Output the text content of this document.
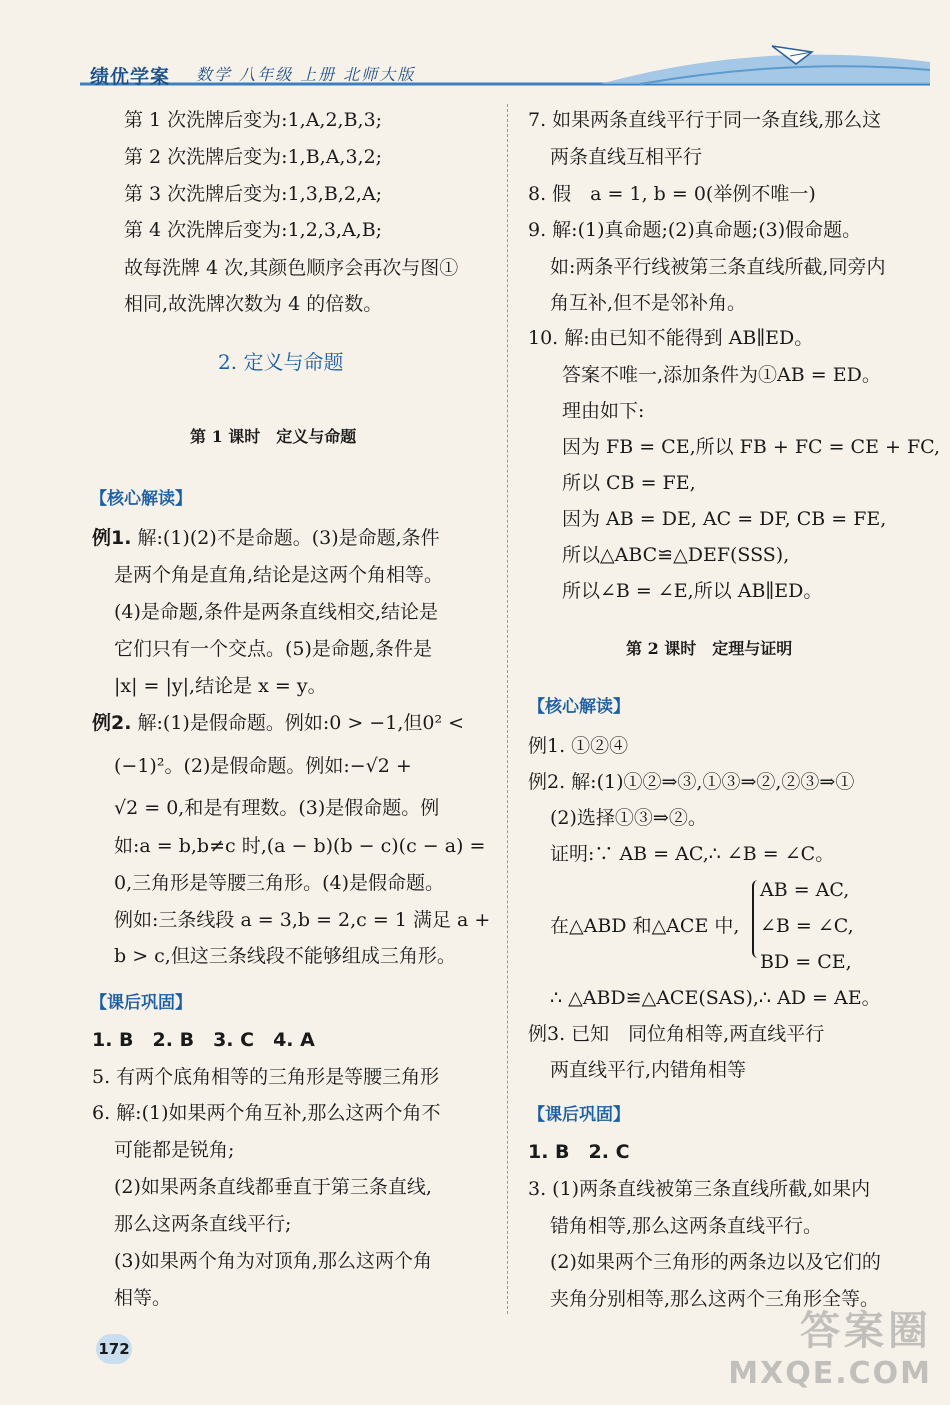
绩优学案 数学 八年级 上册 北师大版
第 1 次洗牌后变为:1,A,2,B,3;
第 2 次洗牌后变为:1,B,A,3,2;
第 3 次洗牌后变为:1,3,B,2,A;
第 4 次洗牌后变为:1,2,3,A,B;
故每洗牌 4 次,其颜色顺序会再次与图①
相同,故洗牌次数为 4 的倍数。
2. 定义与命题
第 1 课时　定义与命题
【核心解读】
例1. 解:(1)(2)不是命题。(3)是命题,条件
是两个角是直角,结论是这两个角相等。
(4)是命题,条件是两条直线相交,结论是
它们只有一个交点。(5)是命题,条件是
|x| = |y|,结论是 x = y。
例2. 解:(1)是假命题。例如:0 > −1,但0² <
(−1)²。(2)是假命题。例如:−√2 +
√2 = 0,和是有理数。(3)是假命题。例
如:a = b,b≠c 时,(a − b)(b − c)(c − a) =
0,三角形是等腰三角形。(4)是假命题。
例如:三条线段 a = 3,b = 2,c = 1 满足 a +
b > c,但这三条线段不能够组成三角形。
【课后巩固】
1. B　2. B　3. C　4. A
5. 有两个底角相等的三角形是等腰三角形
6. 解:(1)如果两个角互补,那么这两个角不
可能都是锐角;
(2)如果两条直线都垂直于第三条直线,
那么这两条直线平行;
(3)如果两个角为对顶角,那么这两个角
相等。
7. 如果两条直线平行于同一条直线,那么这
两条直线互相平行
8. 假　a = 1, b = 0(举例不唯一)
9. 解:(1)真命题;(2)真命题;(3)假命题。
如:两条平行线被第三条直线所截,同旁内
角互补,但不是邻补角。
10. 解:由已知不能得到 AB∥ED。
答案不唯一,添加条件为①AB = ED。
理由如下:
因为 FB = CE,所以 FB + FC = CE + FC,
所以 CB = FE,
因为 AB = DE, AC = DF, CB = FE,
所以△ABC≌△DEF(SSS),
所以∠B = ∠E,所以 AB∥ED。
第 2 课时　定理与证明
【核心解读】
例1. ①②④
例2. 解:(1)①②⇒③,①③⇒②,②③⇒①
(2)选择①③⇒②。
证明:∵ AB = AC,∴ ∠B = ∠C。
在△ABD 和△ACE 中,
AB = AC,
∠B = ∠C,
BD = CE,
∴ △ABD≌△ACE(SAS),∴ AD = AE。
例3. 已知　同位角相等,两直线平行
两直线平行,内错角相等
【课后巩固】
1. B　2. C
3. (1)两条直线被第三条直线所截,如果内
错角相等,那么这两条直线平行。
(2)如果两个三角形的两条边以及它们的
夹角分别相等,那么这两个三角形全等。
172	答案圈
MXQE.COM
